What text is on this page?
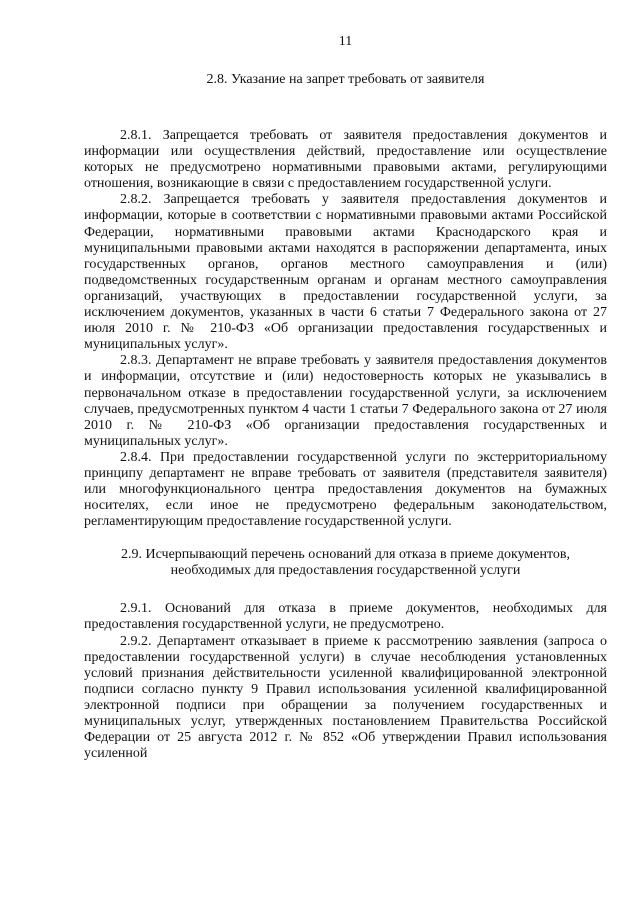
11
2.8. Указание на запрет требовать от заявителя

2.8.1. Запрещается требовать от заявителя предоставления документов и информации или осуществления действий, предоставление или осуществление которых не предусмотрено нормативными правовыми актами, регулирующими отношения, возникающие в связи с предоставлением государственной услуги.

2.8.2. Запрещается требовать у заявителя предоставления документов и информации, которые в соответствии с нормативными правовыми актами Российской Федерации, нормативными правовыми актами Краснодарского края и муниципальными правовыми актами находятся в распоряжении департамента, иных государственных органов, органов местного самоуправления и (или) подведомственных государственным органам и органам местного самоуправления организаций, участвующих в предоставлении государственной услуги, за исключением документов, указанных в части 6 статьи 7 Федерального закона от 27 июля 2010 г. № 210-ФЗ «Об организации предоставления государственных и муниципальных услуг».

2.8.3. Департамент не вправе требовать у заявителя предоставления документов и информации, отсутствие и (или) недостоверность которых не указывались в первоначальном отказе в предоставлении государственной услуги, за исключением случаев, предусмотренных пунктом 4 части 1 статьи 7 Федерального закона от 27 июля 2010 г. № 210-ФЗ «Об организации предоставления государственных и муниципальных услуг».

2.8.4. При предоставлении государственной услуги по экстерриториальному принципу департамент не вправе требовать от заявителя (представителя заявителя) или многофункционального центра предоставления документов на бумажных носителях, если иное не предусмотрено федеральным законодательством, регламентирующим предоставление государственной услуги.

2.9. Исчерпывающий перечень оснований для отказа в приеме документов,
необходимых для предоставления государственной услуги

2.9.1. Оснований для отказа в приеме документов, необходимых для предоставления государственной услуги, не предусмотрено.

2.9.2. Департамент отказывает в приеме к рассмотрению заявления (запроса о предоставлении государственной услуги) в случае несоблюдения установленных условий признания действительности усиленной квалифицированной электронной подписи согласно пункту 9 Правил использования усиленной квалифицированной электронной подписи при обращении за получением государственных и муниципальных услуг, утвержденных постановлением Правительства Российской Федерации от 25 августа 2012 г. № 852 «Об утверждении Правил использования усиленной
